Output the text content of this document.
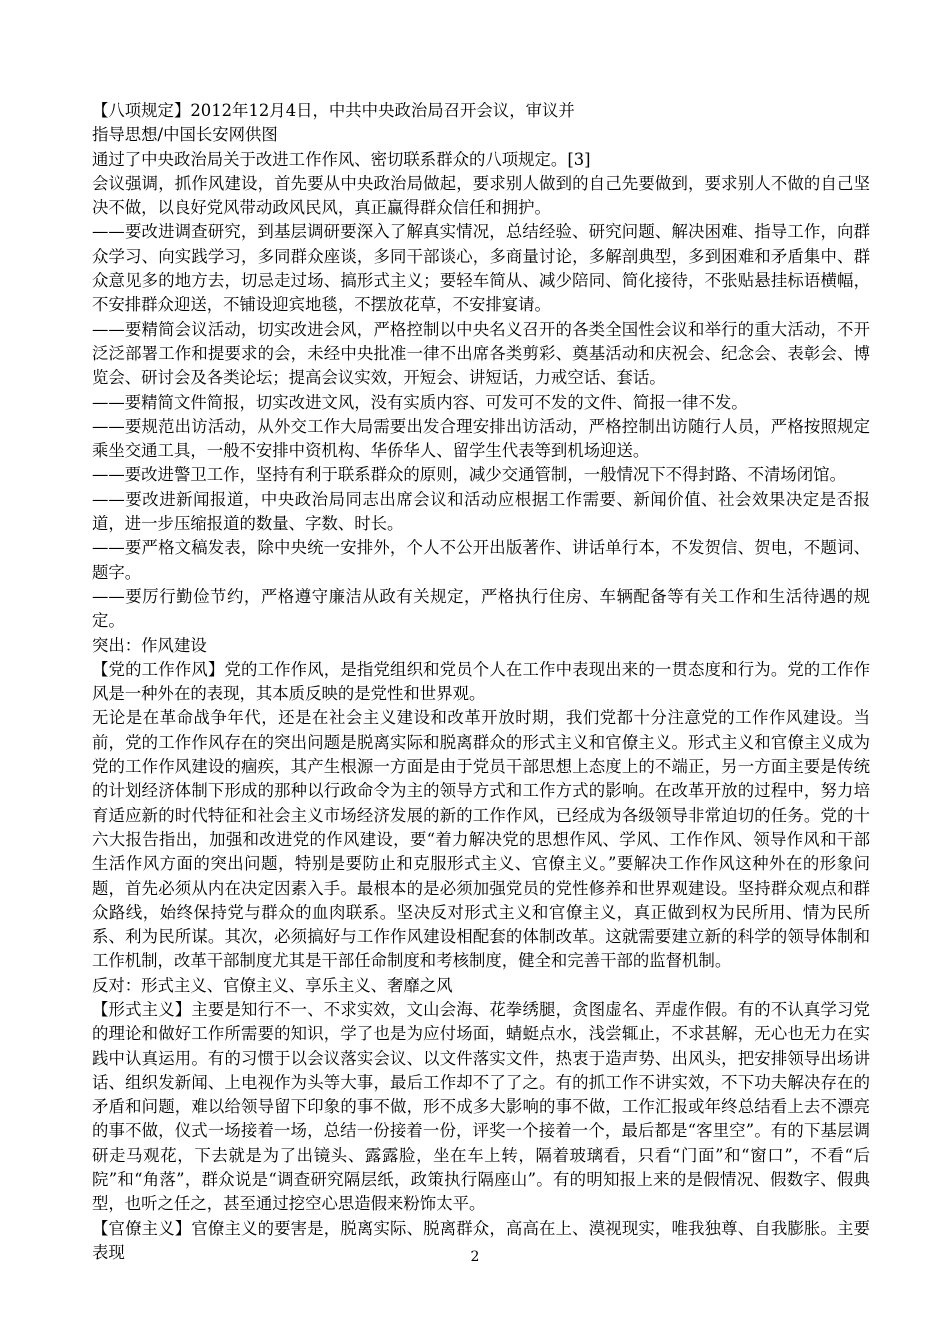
【八项规定】2012年12月4日，中共中央政治局召开会议，审议并

指导思想/中国长安网供图

通过了中央政治局关于改进工作作风、密切联系群众的八项规定。[3]

会议强调，抓作风建设，首先要从中央政治局做起，要求别人做到的自己先要做到，要求别人不做的自己坚决不做，以良好党风带动政风民风，真正赢得群众信任和拥护。

——要改进调查研究，到基层调研要深入了解真实情况，总结经验、研究问题、解决困难、指导工作，向群众学习、向实践学习，多同群众座谈，多同干部谈心，多商量讨论，多解剖典型，多到困难和矛盾集中、群众意见多的地方去，切忌走过场、搞形式主义；要轻车简从、减少陪同、简化接待，不张贴悬挂标语横幅，不安排群众迎送，不铺设迎宾地毯，不摆放花草，不安排宴请。

——要精简会议活动，切实改进会风，严格控制以中央名义召开的各类全国性会议和举行的重大活动，不开泛泛部署工作和提要求的会，未经中央批准一律不出席各类剪彩、奠基活动和庆祝会、纪念会、表彰会、博览会、研讨会及各类论坛；提高会议实效，开短会、讲短话，力戒空话、套话。

——要精简文件简报，切实改进文风，没有实质内容、可发可不发的文件、简报一律不发。

——要规范出访活动，从外交工作大局需要出发合理安排出访活动，严格控制出访随行人员，严格按照规定乘坐交通工具，一般不安排中资机构、华侨华人、留学生代表等到机场迎送。

——要改进警卫工作，坚持有利于联系群众的原则，减少交通管制，一般情况下不得封路、不清场闭馆。

——要改进新闻报道，中央政治局同志出席会议和活动应根据工作需要、新闻价值、社会效果决定是否报道，进一步压缩报道的数量、字数、时长。

——要严格文稿发表，除中央统一安排外，个人不公开出版著作、讲话单行本，不发贺信、贺电，不题词、题字。

——要厉行勤俭节约，严格遵守廉洁从政有关规定，严格执行住房、车辆配备等有关工作和生活待遇的规定。

突出：作风建设

【党的工作作风】党的工作作风，是指党组织和党员个人在工作中表现出来的一贯态度和行为。党的工作作风是一种外在的表现，其本质反映的是党性和世界观。

无论是在革命战争年代，还是在社会主义建设和改革开放时期，我们党都十分注意党的工作作风建设。当前，党的工作作风存在的突出问题是脱离实际和脱离群众的形式主义和官僚主义。形式主义和官僚主义成为党的工作作风建设的痼疾，其产生根源一方面是由于党员干部思想上态度上的不端正，另一方面主要是传统的计划经济体制下形成的那种以行政命令为主的领导方式和工作方式的影响。在改革开放的过程中，努力培育适应新的时代特征和社会主义市场经济发展的新的工作作风，已经成为各级领导非常迫切的任务。党的十六大报告指出，加强和改进党的作风建设，要“着力解决党的思想作风、学风、工作作风、领导作风和干部生活作风方面的突出问题，特别是要防止和克服形式主义、官僚主义。”要解决工作作风这种外在的形象问题，首先必须从内在决定因素入手。最根本的是必须加强党员的党性修养和世界观建设。坚持群众观点和群众路线，始终保持党与群众的血肉联系。坚决反对形式主义和官僚主义，真正做到权为民所用、情为民所系、利为民所谋。其次，必须搞好与工作作风建设相配套的体制改革。这就需要建立新的科学的领导体制和工作机制，改革干部制度尤其是干部任命制度和考核制度，健全和完善干部的监督机制。

反对：形式主义、官僚主义、享乐主义、奢靡之风

【形式主义】主要是知行不一、不求实效，文山会海、花拳绣腿，贪图虚名、弄虚作假。有的不认真学习党的理论和做好工作所需要的知识，学了也是为应付场面，蜻蜓点水，浅尝辄止，不求甚解，无心也无力在实践中认真运用。有的习惯于以会议落实会议、以文件落实文件，热衷于造声势、出风头，把安排领导出场讲话、组织发新闻、上电视作为头等大事，最后工作却不了了之。有的抓工作不讲实效，不下功夫解决存在的矛盾和问题，难以给领导留下印象的事不做，形不成多大影响的事不做，工作汇报或年终总结看上去不漂亮的事不做，仪式一场接着一场，总结一份接着一份，评奖一个接着一个，最后都是“客里空”。有的下基层调研走马观花，下去就是为了出镜头、露露脸，坐在车上转，隔着玻璃看，只看“门面”和“窗口”，不看“后院”和“角落”，群众说是“调查研究隔层纸，政策执行隔座山”。有的明知报上来的是假情况、假数字、假典型，也听之任之，甚至通过挖空心思造假来粉饰太平。

【官僚主义】官僚主义的要害是，脱离实际、脱离群众，高高在上、漠视现实，唯我独尊、自我膨胀。主要表现	2
